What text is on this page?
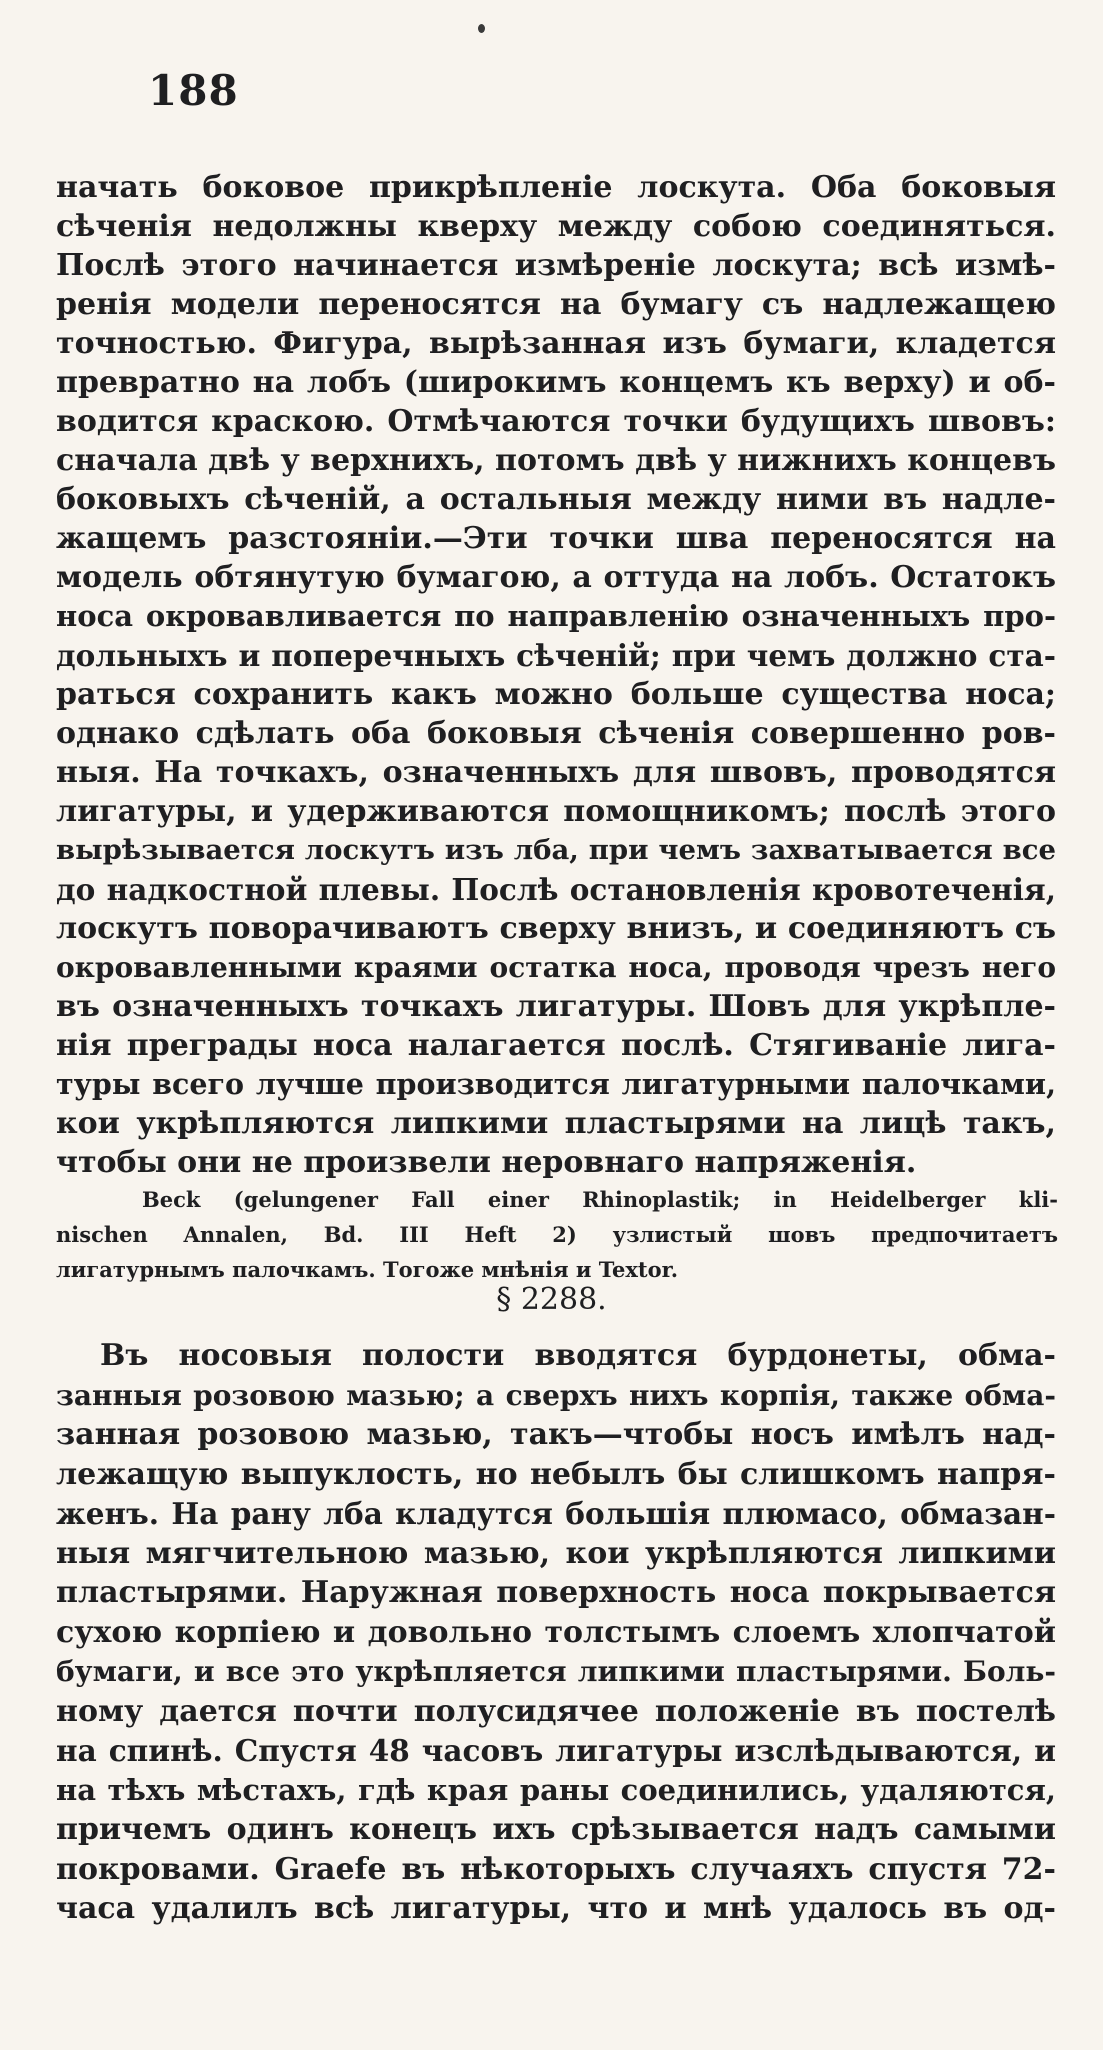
188
начать боковое прикрѣпленіе лоскута. Оба боковыя
сѣченія недолжны кверху между собою соединяться.
Послѣ этого начинается измѣреніе лоскута; всѣ измѣ-
ренія модели переносятся на бумагу съ надлежащею
точностью. Фигура, вырѣзанная изъ бумаги, кладется
превратно на лобъ (широкимъ концемъ къ верху) и об-
водится краскою. Отмѣчаются точки будущихъ швовъ:
сначала двѣ у верхнихъ, потомъ двѣ у нижнихъ концевъ
боковыхъ сѣченій, а остальныя между ними въ надле-
жащемъ разстояніи.—Эти точки шва переносятся на
модель обтянутую бумагою, а оттуда на лобъ. Остатокъ
носа окровавливается по направленію означенныхъ про-
дольныхъ и поперечныхъ сѣченій; при чемъ должно ста-
раться сохранить какъ можно больше существа носа;
однако сдѣлать оба боковыя сѣченія совершенно ров-
ныя. На точкахъ, означенныхъ для швовъ, проводятся
лигатуры, и удерживаются помощникомъ; послѣ этого
вырѣзывается лоскутъ изъ лба, при чемъ захватывается все
до надкостной плевы. Послѣ остановленія кровотеченія,
лоскутъ поворачиваютъ сверху внизъ, и соединяютъ съ
окровавленными краями остатка носа, проводя чрезъ него
въ означенныхъ точкахъ лигатуры. Шовъ для укрѣпле-
нія преграды носа налагается послѣ. Стягиваніе лига-
туры всего лучше производится лигатурными палочками,
кои укрѣпляются липкими пластырями на лицѣ такъ,
чтобы они не произвели неровнаго напряженія.
Beck (gelungener Fall einer Rhinoplastik; in Heidelberger kli-
nischen Annalen, Bd. III Heft 2) узлистый шовъ предпочитаетъ
лигатурнымъ палочкамъ. Тогоже мнѣнія и Textor.
§ 2288.
Въ носовыя полости вводятся бурдонеты, обма-
занныя розовою мазью; а сверхъ нихъ корпія, также обма-
занная розовою мазью, такъ—чтобы носъ имѣлъ над-
лежащую выпуклость, но небылъ бы слишкомъ напря-
женъ. На рану лба кладутся большія плюмасо, обмазан-
ныя мягчительною мазью, кои укрѣпляются липкими
пластырями. Наружная поверхность носа покрывается
сухою корпіею и довольно толстымъ слоемъ хлопчатой
бумаги, и все это укрѣпляется липкими пластырями. Боль-
ному дается почти полусидячее положеніе въ постелѣ
на спинѣ. Спустя 48 часовъ лигатуры изслѣдываются, и
на тѣхъ мѣстахъ, гдѣ края раны соединились, удаляются,
причемъ одинъ конецъ ихъ срѣзывается надъ самыми
покровами. Graefe въ нѣкоторыхъ случаяхъ спустя 72-
часа удалилъ всѣ лигатуры, что и мнѣ удалось въ од-
